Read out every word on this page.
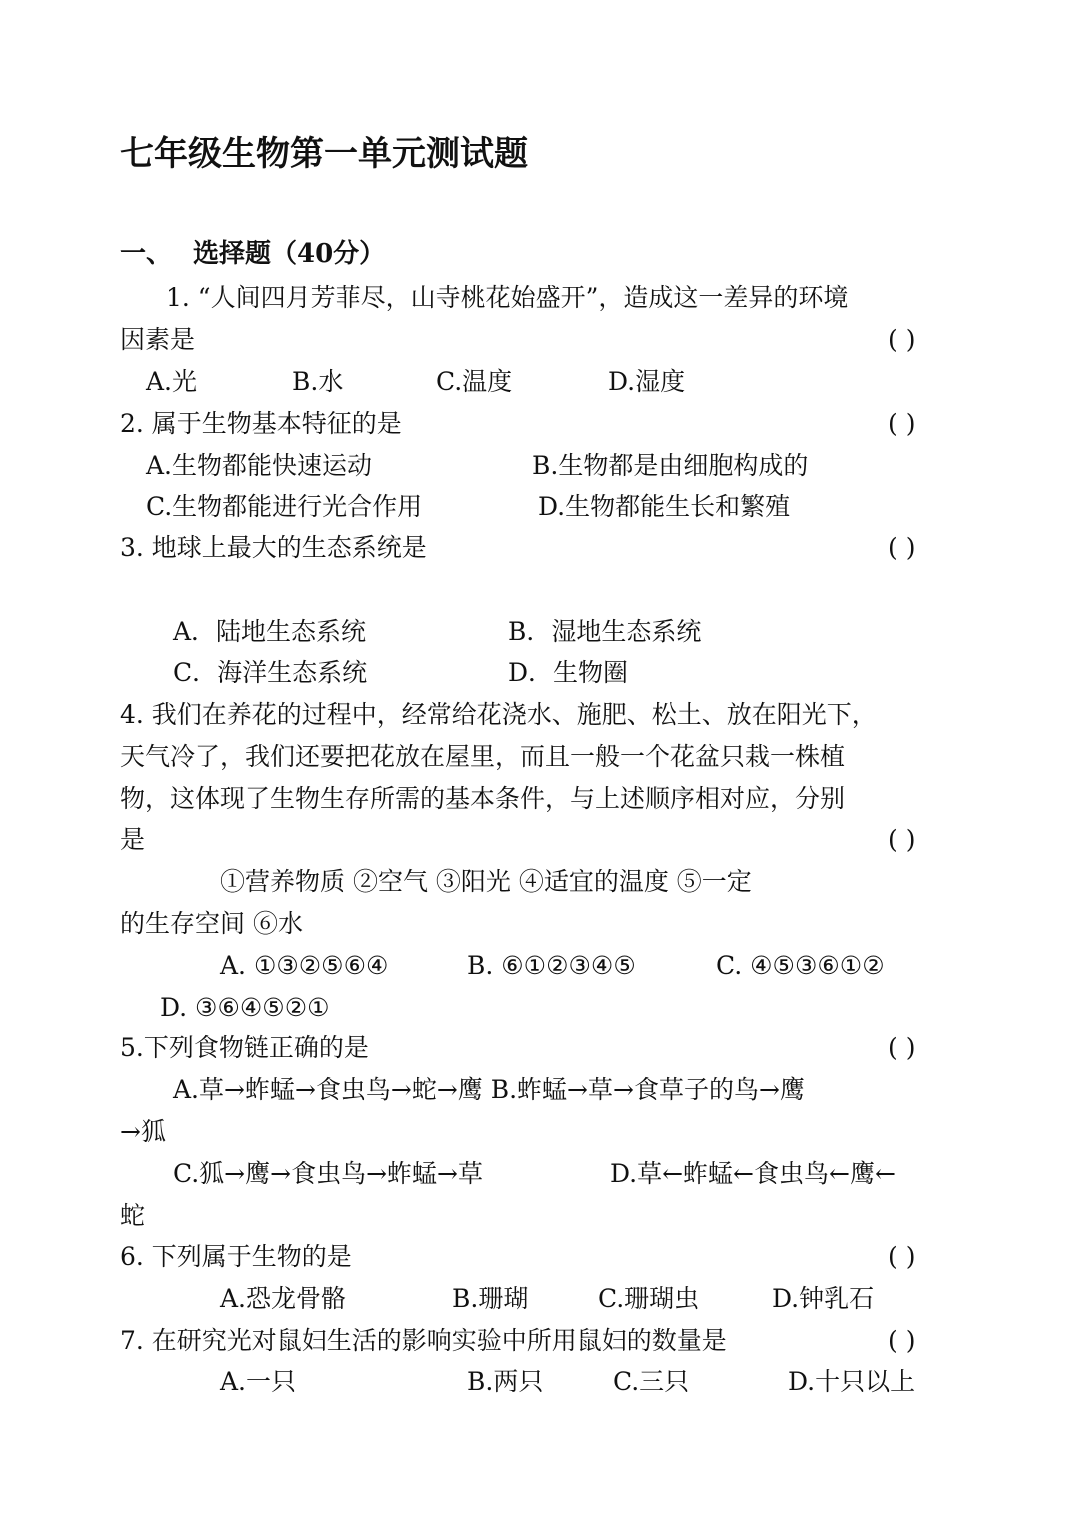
七年级生物第一单元测试题
一、 选择题（40分）
1. “人间四月芳菲尽，山寺桃花始盛开”，造成这一差异的环境
因素是	( )
A.光	B.水	C.温度	D.湿度
2. 属于生物基本特征的是	( )
A.生物都能快速运动	B.生物都是由细胞构成的
C.生物都能进行光合作用	D.生物都能生长和繁殖
3. 地球上最大的生态系统是	( )
A．陆地生态系统	B．湿地生态系统
C．海洋生态系统	D．生物圈
4. 我们在养花的过程中，经常给花浇水、施肥、松土、放在阳光下，
天气冷了，我们还要把花放在屋里，而且一般一个花盆只栽一株植
物，这体现了生物生存所需的基本条件，与上述顺序相对应，分别
是	( )
①营养物质 ②空气 ③阳光 ④适宜的温度 ⑤一定
的生存空间 ⑥水
A. ①③②⑤⑥④	B. ⑥①②③④⑤	C. ④⑤③⑥①②
D. ③⑥④⑤②①
5.下列食物链正确的是	( )
A.草→蚱蜢→食虫鸟→蛇→鹰 B.蚱蜢→草→食草子的鸟→鹰
→狐
C.狐→鹰→食虫鸟→蚱蜢→草	D.草←蚱蜢←食虫鸟←鹰←
蛇
6. 下列属于生物的是	( )
A.恐龙骨骼	B.珊瑚	C.珊瑚虫	D.钟乳石
7. 在研究光对鼠妇生活的影响实验中所用鼠妇的数量是	( )
A.一只	B.两只	C.三只	D.十只以上
